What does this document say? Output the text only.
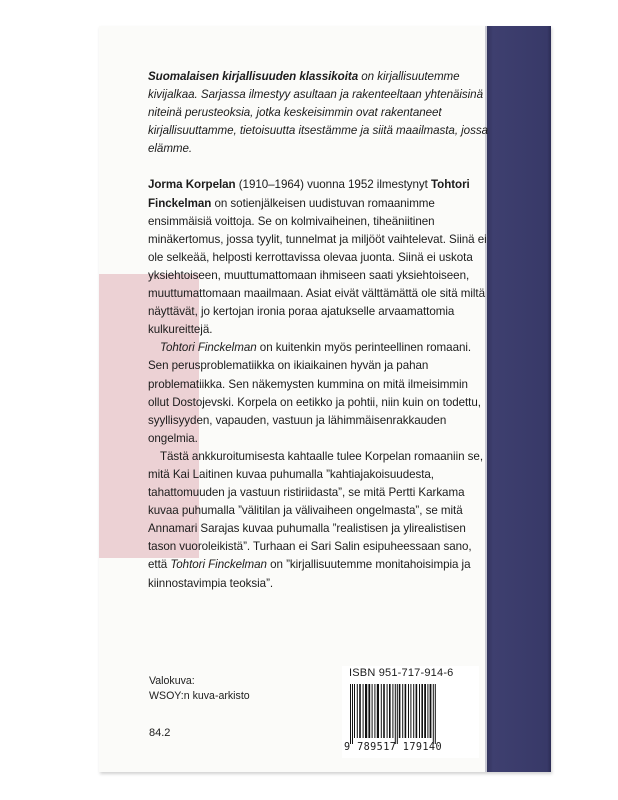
Suomalaisen kirjallisuuden klassikoita on kirjallisuutemme kivijalkaa. Sarjassa ilmestyy asultaan ja rakenteeltaan yhtenäisinä niteinä perusteoksia, jotka keskeisimmin ovat rakentaneet kirjallisuuttamme, tietoisuutta itsestämme ja siitä maailmasta, jossa elämme.

Jorma Korpelan (1910–1964) vuonna 1952 ilmestynyt Tohtori Finckelman on sotienjälkeisen uudistuvan romaanimme ensimmäisiä voittoja. Se on kolmivaiheinen, tiheäniitinen minäkertomus, jossa tyylit, tunnelmat ja miljööt vaihtelevat. Siinä ei ole selkeää, helposti kerrottavissa olevaa juonta. Siinä ei uskota yksiehtoiseen, muuttumattomaan ihmiseen saati yksiehtoiseen, muuttumattomaan maailmaan. Asiat eivät välttämättä ole sitä miltä näyttävät, jo kertojan ironia poraa ajatukselle arvaamattomia kulkureittejä.

Tohtori Finckelman on kuitenkin myös perinteellinen romaani. Sen perusproblematiikka on ikiaikainen hyvän ja pahan problematiikka. Sen näkemysten kummina on mitä ilmeisimmin ollut Dostojevski. Korpela on eetikko ja pohtii, niin kuin on todettu, syyllisyyden, vapauden, vastuun ja lähimmäisenrakkauden ongelmia.

Tästä ankkuroitumisesta kahtaalle tulee Korpelan romaaniin se, mitä Kai Laitinen kuvaa puhumalla ”kahtiajakoisuudesta, tahattomuuden ja vastuun ristiriidasta”, se mitä Pertti Karkama kuvaa puhumalla ”välitilan ja välivaiheen ongelmasta”, se mitä Annamari Sarajas kuvaa puhumalla ”realistisen ja ylirealistisen tason vuoroleikistä”. Turhaan ei Sari Salin esipuheessaan sano, että Tohtori Finckelman on ”kirjallisuutemme monitahoisimpia ja kiinnostavimpia teoksia”.

Valokuva:
WSOY:n kuva-arkisto
84.2
ISBN 951-717-914-6
9 789517 179140
